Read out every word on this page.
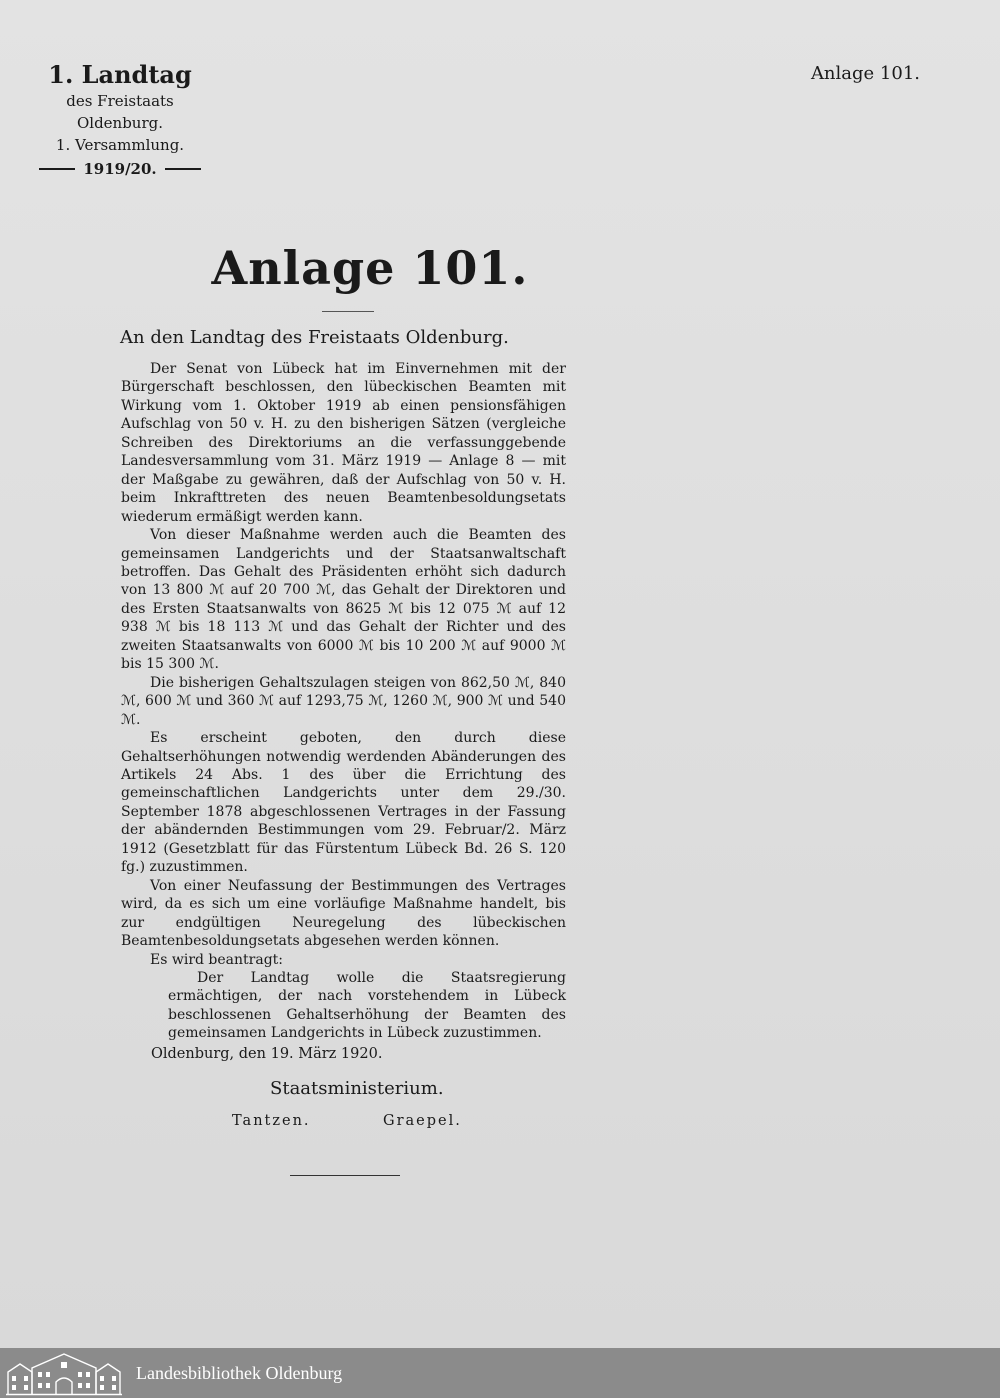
1. Landtag
des Freistaats Oldenburg.
1. Versammlung.
1919/20.
Anlage 101.
Anlage 101.
An den Landtag des Freistaats Oldenburg.

Der Senat von Lübeck hat im Einvernehmen mit der Bürgerschaft beschlossen, den lübeckischen Beamten mit Wirkung vom 1. Oktober 1919 ab einen pensionsfähigen Aufschlag von 50 v. H. zu den bisherigen Sätzen (vergleiche Schreiben des Direktoriums an die verfassunggebende Landesversammlung vom 31. März 1919 — Anlage 8 — mit der Maßgabe zu gewähren, daß der Aufschlag von 50 v. H. beim Inkrafttreten des neuen Beamtenbesoldungsetats wiederum ermäßigt werden kann.

Von dieser Maßnahme werden auch die Beamten des gemeinsamen Landgerichts und der Staatsanwaltschaft betroffen. Das Gehalt des Präsidenten erhöht sich dadurch von 13 800 ℳ auf 20 700 ℳ, das Gehalt der Direktoren und des Ersten Staatsanwalts von 8625 ℳ bis 12 075 ℳ auf 12 938 ℳ bis 18 113 ℳ und das Gehalt der Richter und des zweiten Staatsanwalts von 6000 ℳ bis 10 200 ℳ auf 9000 ℳ bis 15 300 ℳ.

Die bisherigen Gehaltszulagen steigen von 862,50 ℳ, 840 ℳ, 600 ℳ und 360 ℳ auf 1293,75 ℳ, 1260 ℳ, 900 ℳ und 540 ℳ.

Es erscheint geboten, den durch diese Gehaltserhöhungen notwendig werdenden Abänderungen des Artikels 24 Abs. 1 des über die Errichtung des gemeinschaftlichen Landgerichts unter dem 29./30. September 1878 abgeschlossenen Vertrages in der Fassung der abändernden Bestimmungen vom 29. Februar/2. März 1912 (Gesetzblatt für das Fürstentum Lübeck Bd. 26 S. 120 fg.) zuzustimmen.

Von einer Neufassung der Bestimmungen des Vertrages wird, da es sich um eine vorläufige Maßnahme handelt, bis zur endgültigen Neuregelung des lübeckischen Beamtenbesoldungsetats abgesehen werden können.

Es wird beantragt:

Der Landtag wolle die Staatsregierung ermächtigen, der nach vorstehendem in Lübeck beschlossenen Gehaltserhöhung der Beamten des gemeinsamen Landgerichts in Lübeck zuzustimmen.

Oldenburg, den 19. März 1920.
Staatsministerium.
Tantzen.	Graepel.
Landesbibliothek Oldenburg
